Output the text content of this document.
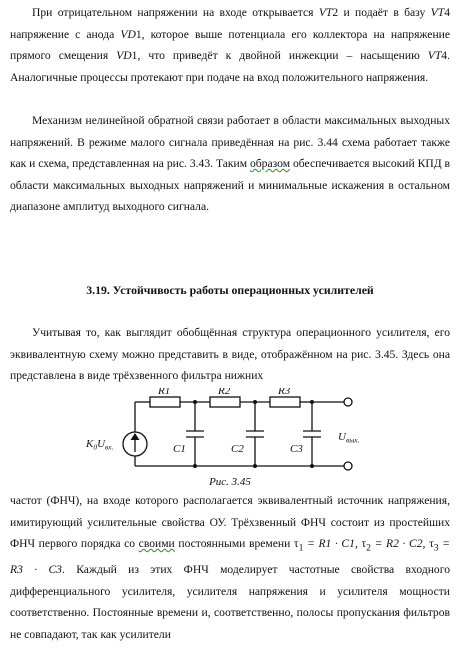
При отрицательном напряжении на входе открывается VT2 и подаёт в базу VT4 напряжение с анода VD1, которое выше потенциала его коллектора на напряжение прямого смещения VD1, что приведёт к двойной инжекции – насыщению VT4. Аналогичные процессы протекают при подаче на вход положительного напряжения.

Механизм нелинейной обратной связи работает в области максимальных выходных напряжений. В режиме малого сигнала приведённая на рис. 3.44 схема работает также как и схема, представленная на рис. 3.43. Таким образом обеспечивается высокий КПД в области максимальных выходных напряжений и минимальные искажения в остальном диапазоне амплитуд выходного сигнала.

3.19. Устойчивость работы операционных усилителей

Учитывая то, как выглядит обобщённая структура операционного усилителя, его эквивалентную схему можно представить в виде, отображённом на рис. 3.45. Здесь она представлена в виде трёхзвенного фильтра нижних

R1	R2	R3
C1	C2	C3
$K_0U_{вх.}$
$U_{вых.}$
Рис. 3.45

частот (ФНЧ), на входе которого располагается эквивалентный источник напряжения, имитирующий усилительные свойства ОУ. Трёхзвенный ФНЧ состоит из простейших ФНЧ первого порядка со своими постоянными времени $\tau_1 = R1 \cdot C1$, $\tau_2 = R2 \cdot C2$, $\tau_3 = R3 \cdot C3$. Каждый из этих ФНЧ моделирует частотные свойства входного дифференциального усилителя, усилителя напряжения и усилителя мощности соответственно. Постоянные времени и, соответственно, полосы пропускания фильтров не совпадают, так как усилители
